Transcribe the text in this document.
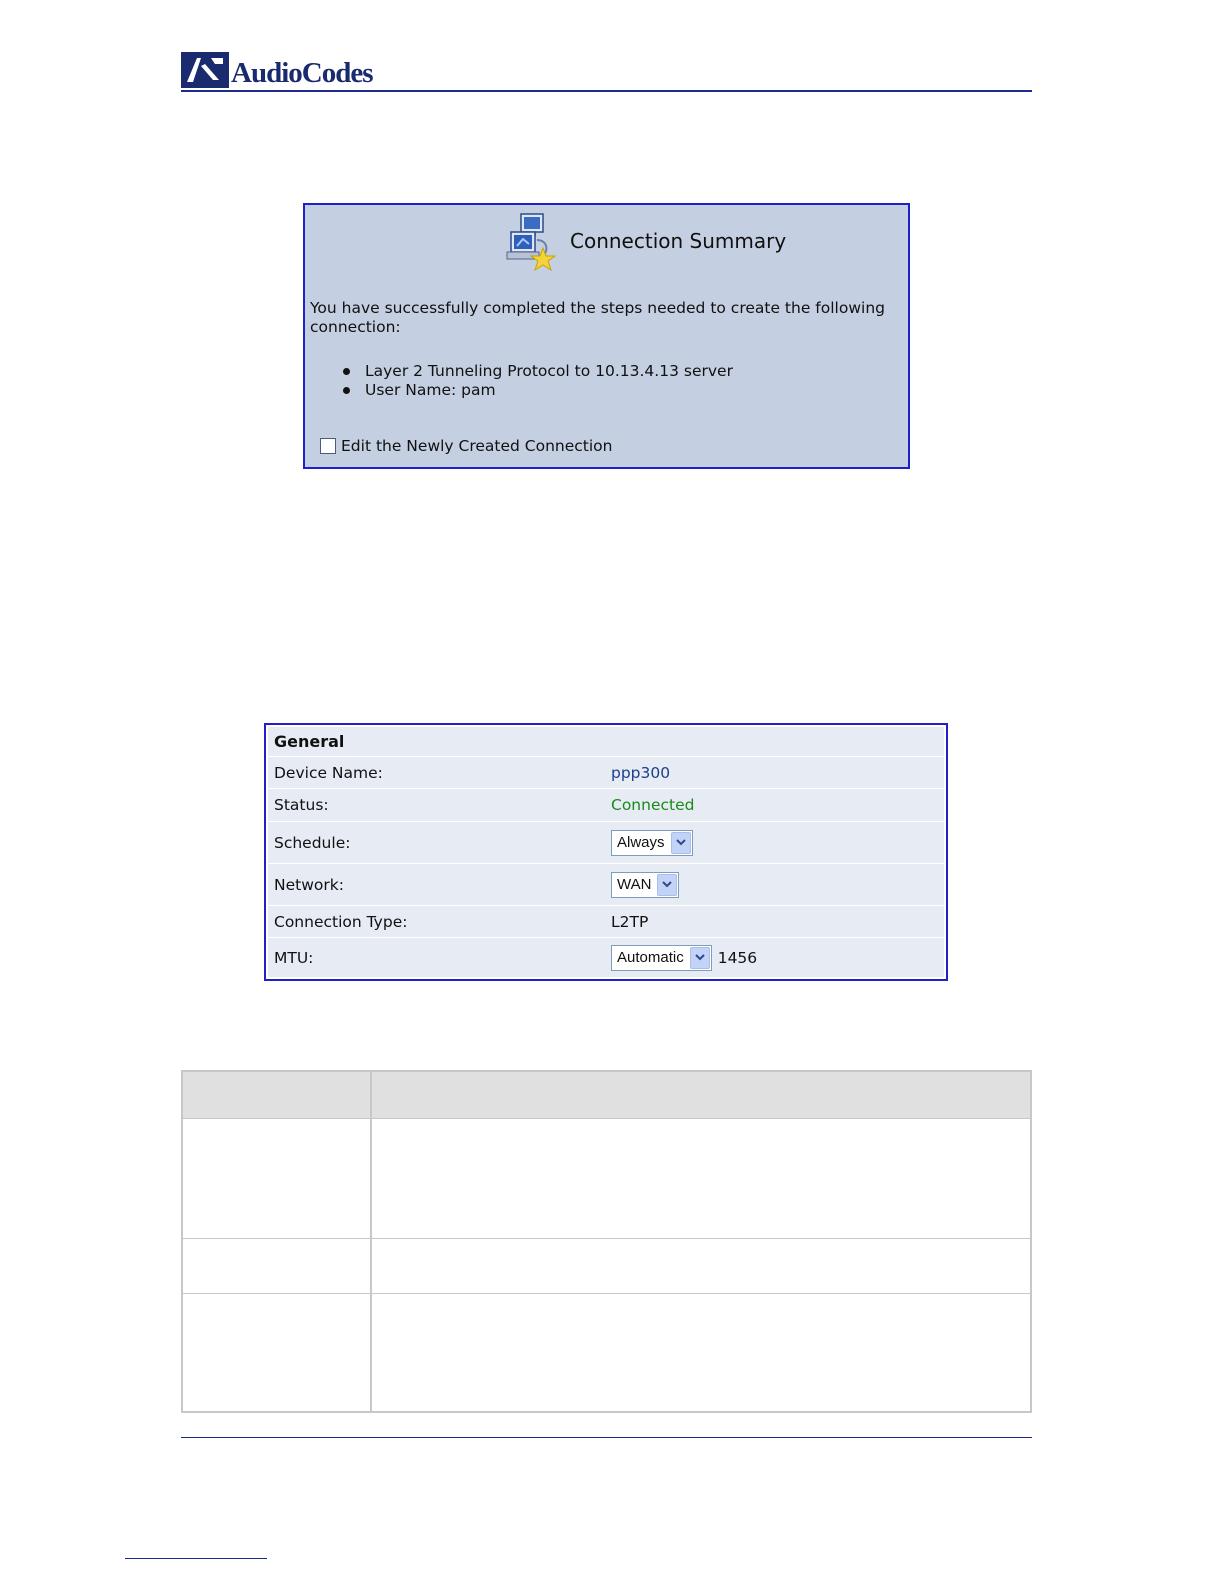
AudioCodes
Connection Summary
You have successfully completed the steps needed to create the following connection:
Layer 2 Tunneling Protocol to 10.13.4.13 server
User Name: pam
Edit the Newly Created Connection
General
Device Name:	ppp300
Status:	Connected
Schedule:	Always
Network:	WAN
Connection Type:	L2TP
MTU:	Automatic	1456
